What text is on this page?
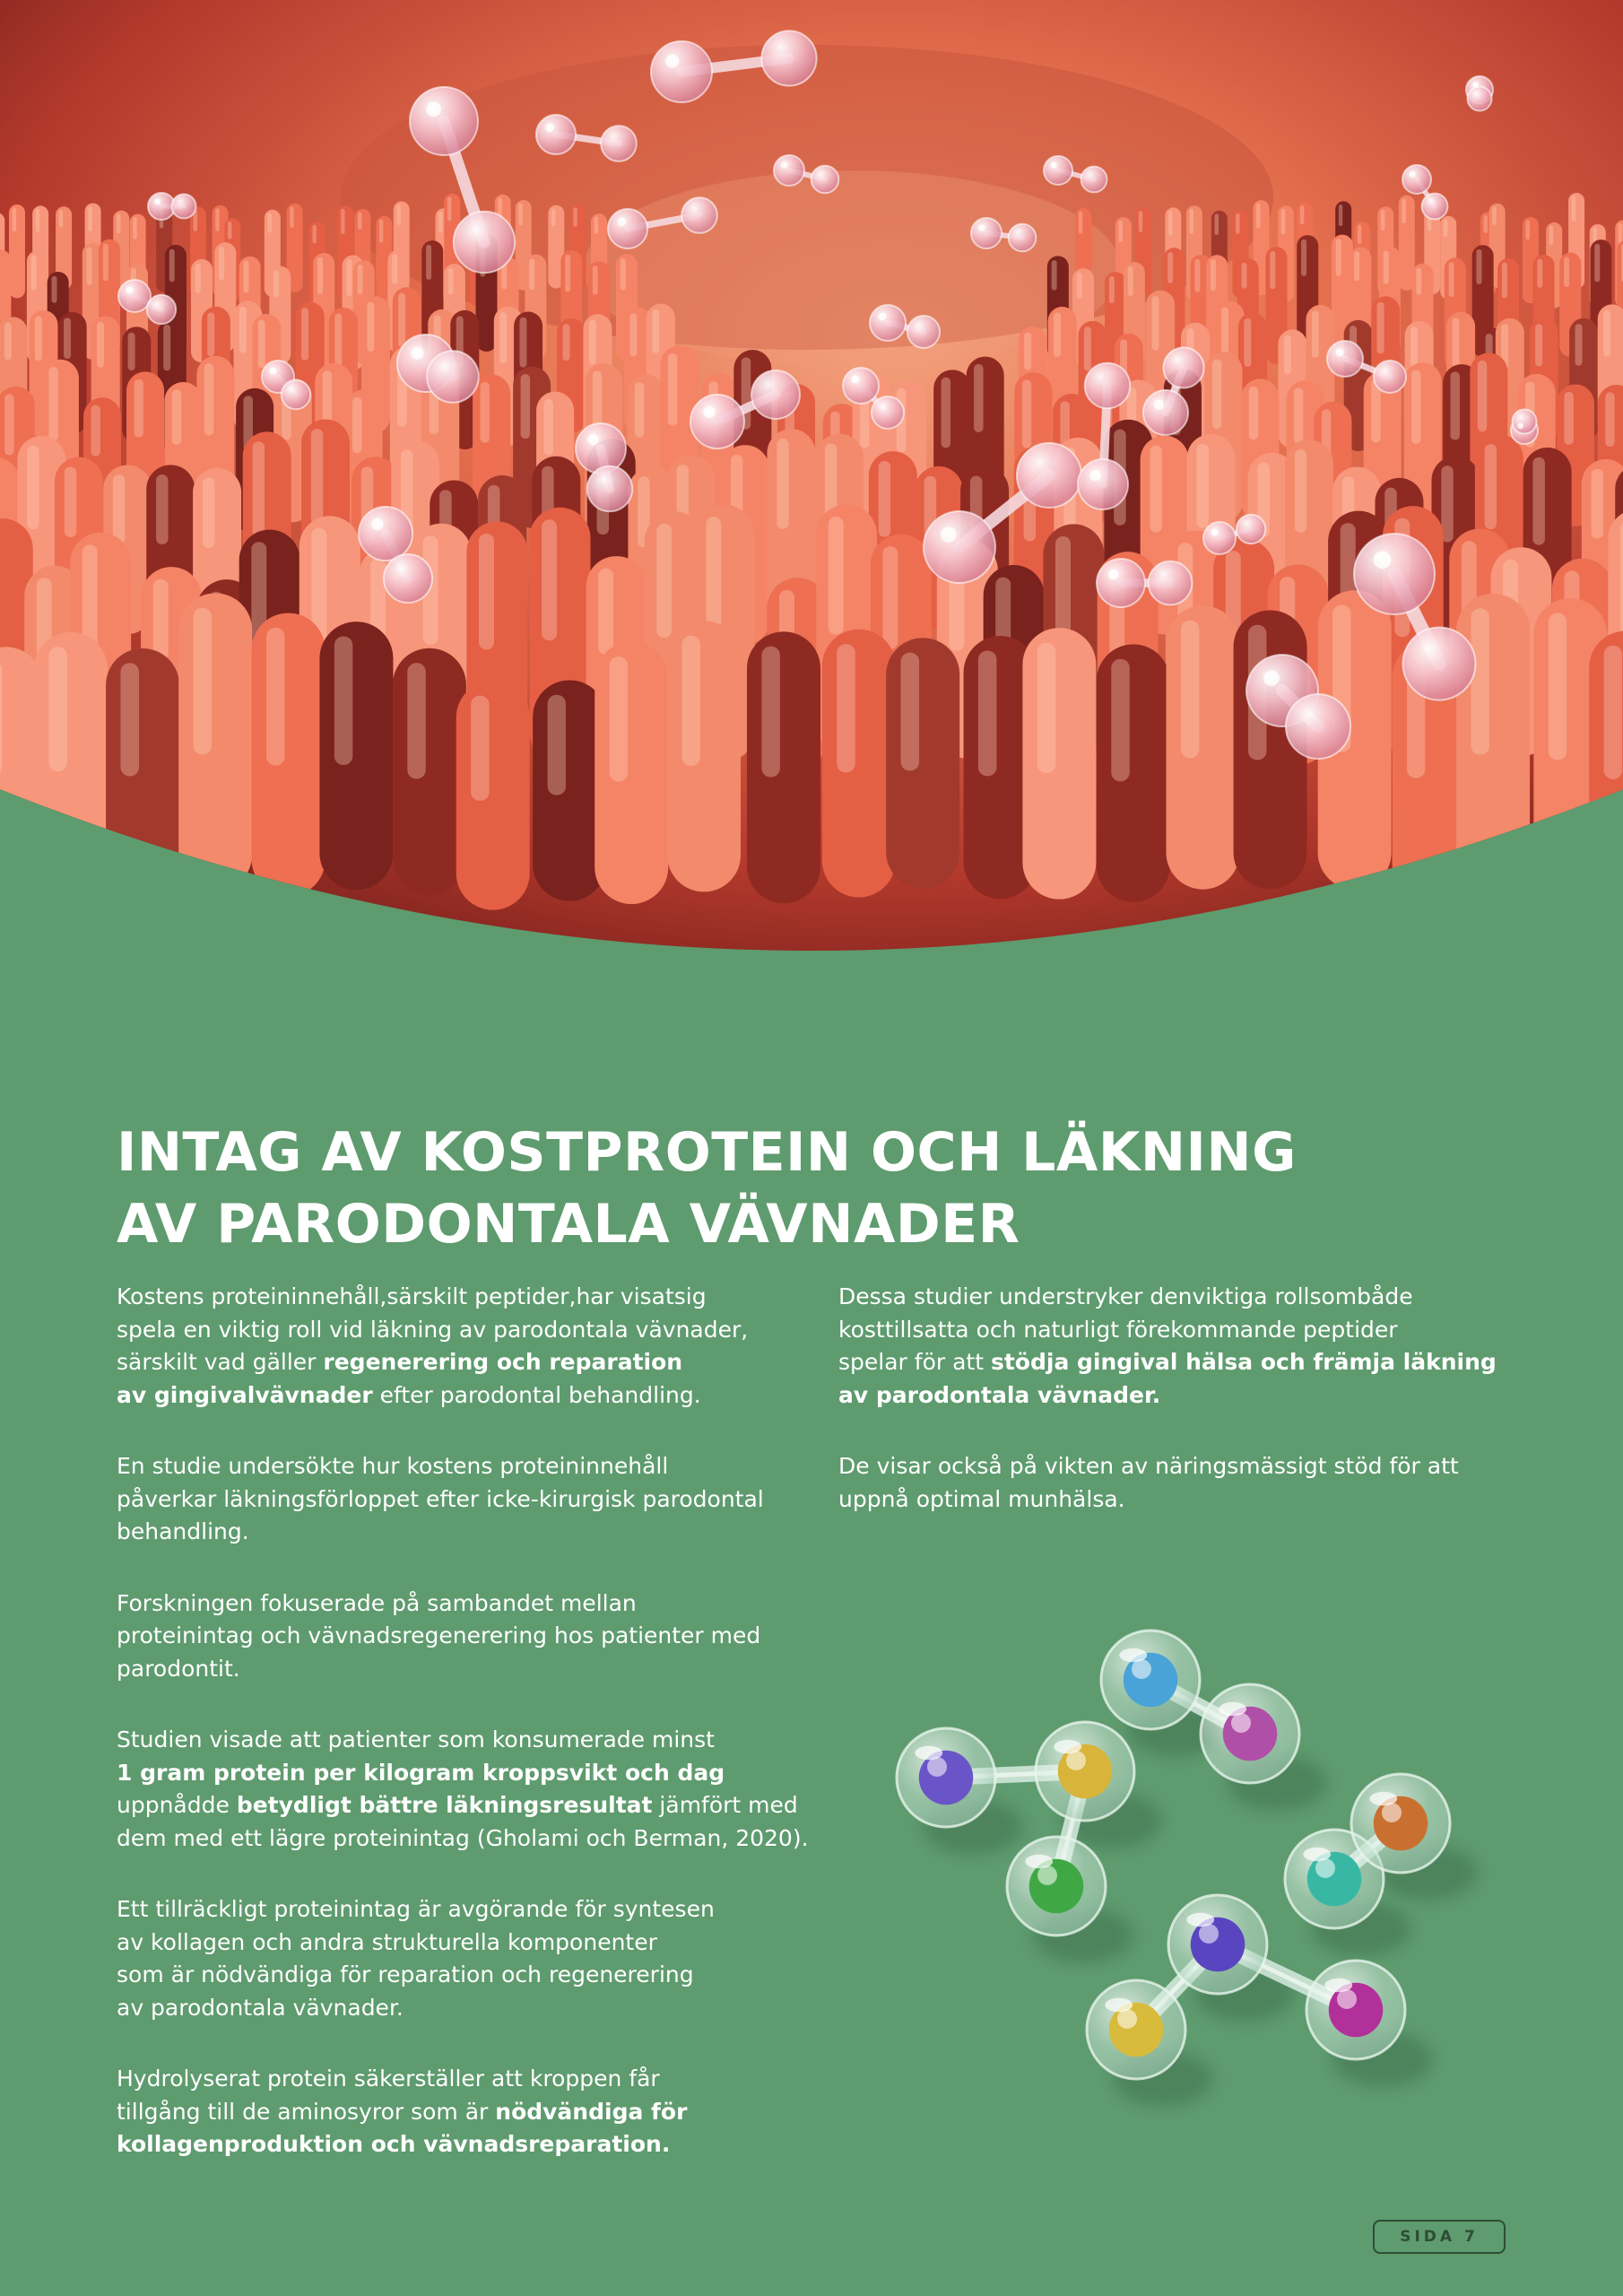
INTAG AV KOSTPROTEIN OCH LÄKNING
AV PARODONTALA VÄVNADER

Kostens proteininnehåll,särskilt peptider,har visatsig
spela en viktig roll vid läkning av parodontala vävnader,
särskilt vad gäller regenerering och reparation
av gingivalvävnader efter parodontal behandling.

En studie undersökte hur kostens proteininnehåll
påverkar läkningsförloppet efter icke-kirurgisk parodontal
behandling.

Forskningen fokuserade på sambandet mellan
proteinintag och vävnadsregenerering hos patienter med
parodontit.

Studien visade att patienter som konsumerade minst
1 gram protein per kilogram kroppsvikt och dag
uppnådde betydligt bättre läkningsresultat jämfört med
dem med ett lägre proteinintag (Gholami och Berman, 2020).

Ett tillräckligt proteinintag är avgörande för syntesen
av kollagen och andra strukturella komponenter
som är nödvändiga för reparation och regenerering
av parodontala vävnader.

Hydrolyserat protein säkerställer att kroppen får
tillgång till de aminosyror som är nödvändiga för
kollagenproduktion och vävnadsreparation.

Dessa studier understryker denviktiga rollsombåde
kosttillsatta och naturligt förekommande peptider
spelar för att stödja gingival hälsa och främja läkning
av parodontala vävnader.

De visar också på vikten av näringsmässigt stöd för att
uppnå optimal munhälsa.

SIDA 7
